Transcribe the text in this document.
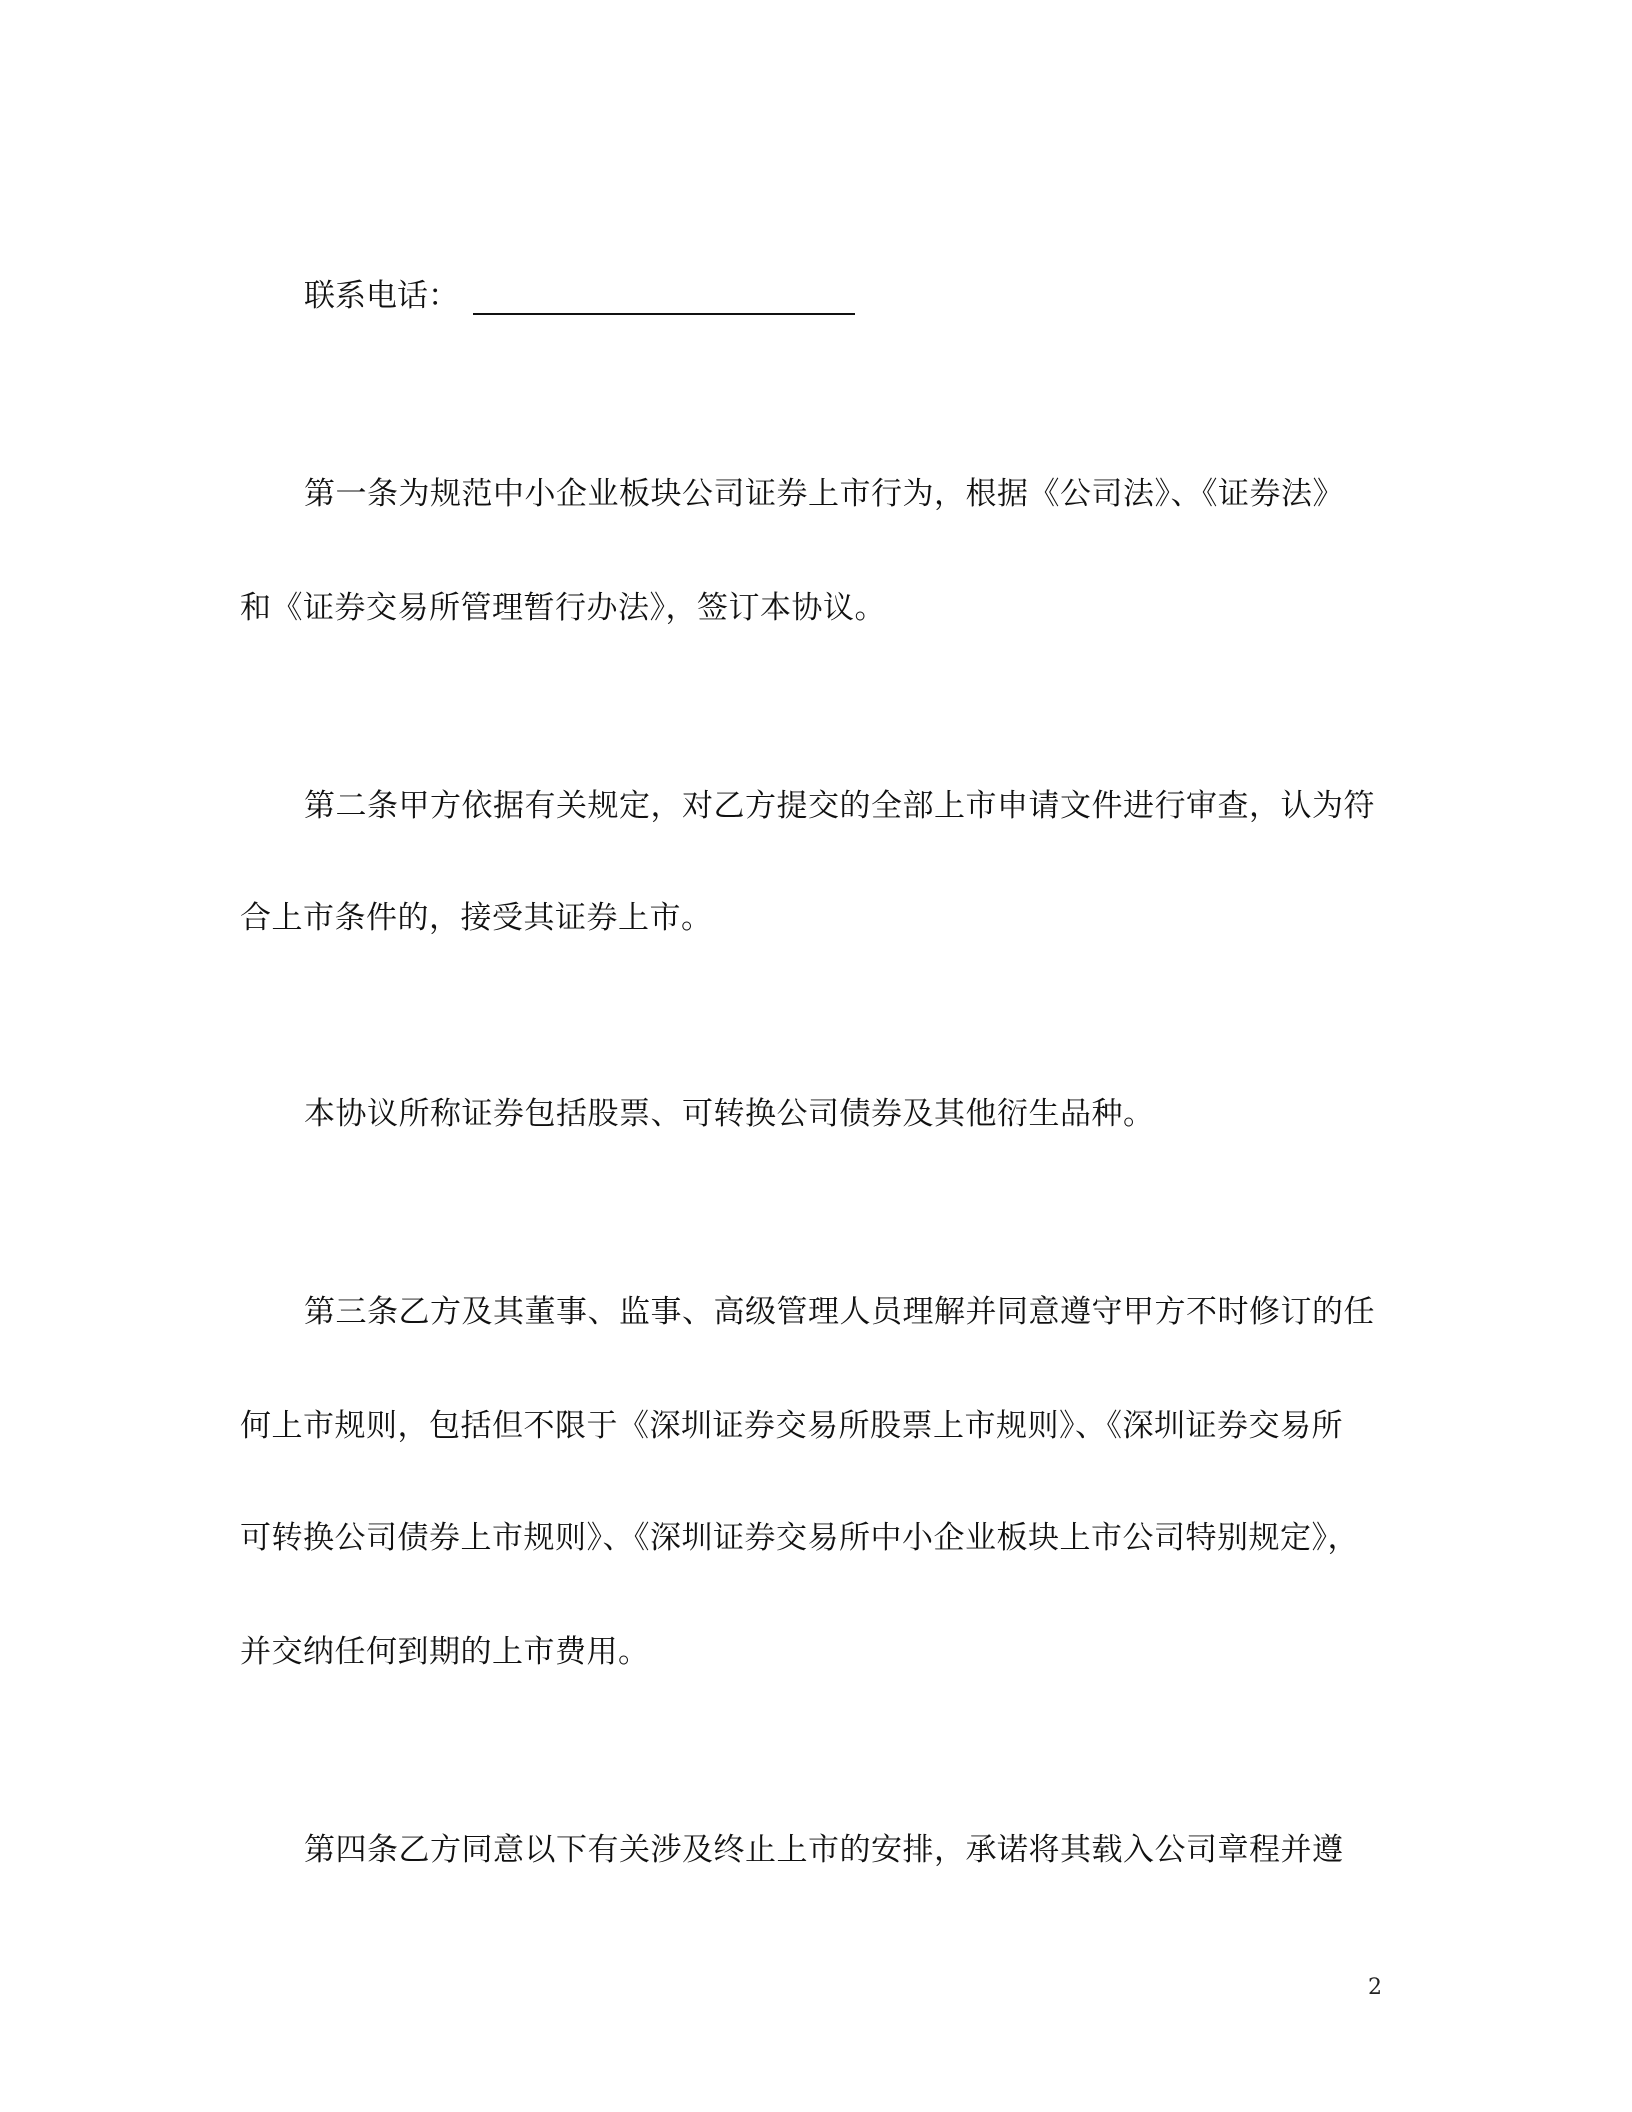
联系电话：
第一条为规范中小企业板块公司证券上市行为，根据《公司法》、《证券法》
和《证券交易所管理暂行办法》，签订本协议。
第二条甲方依据有关规定，对乙方提交的全部上市申请文件进行审查，认为符
合上市条件的，接受其证券上市。
本协议所称证券包括股票、可转换公司债券及其他衍生品种。
第三条乙方及其董事、监事、高级管理人员理解并同意遵守甲方不时修订的任
何上市规则，包括但不限于《深圳证券交易所股票上市规则》、《深圳证券交易所
可转换公司债券上市规则》、《深圳证券交易所中小企业板块上市公司特别规定》，
并交纳任何到期的上市费用。
第四条乙方同意以下有关涉及终止上市的安排，承诺将其载入公司章程并遵
2
